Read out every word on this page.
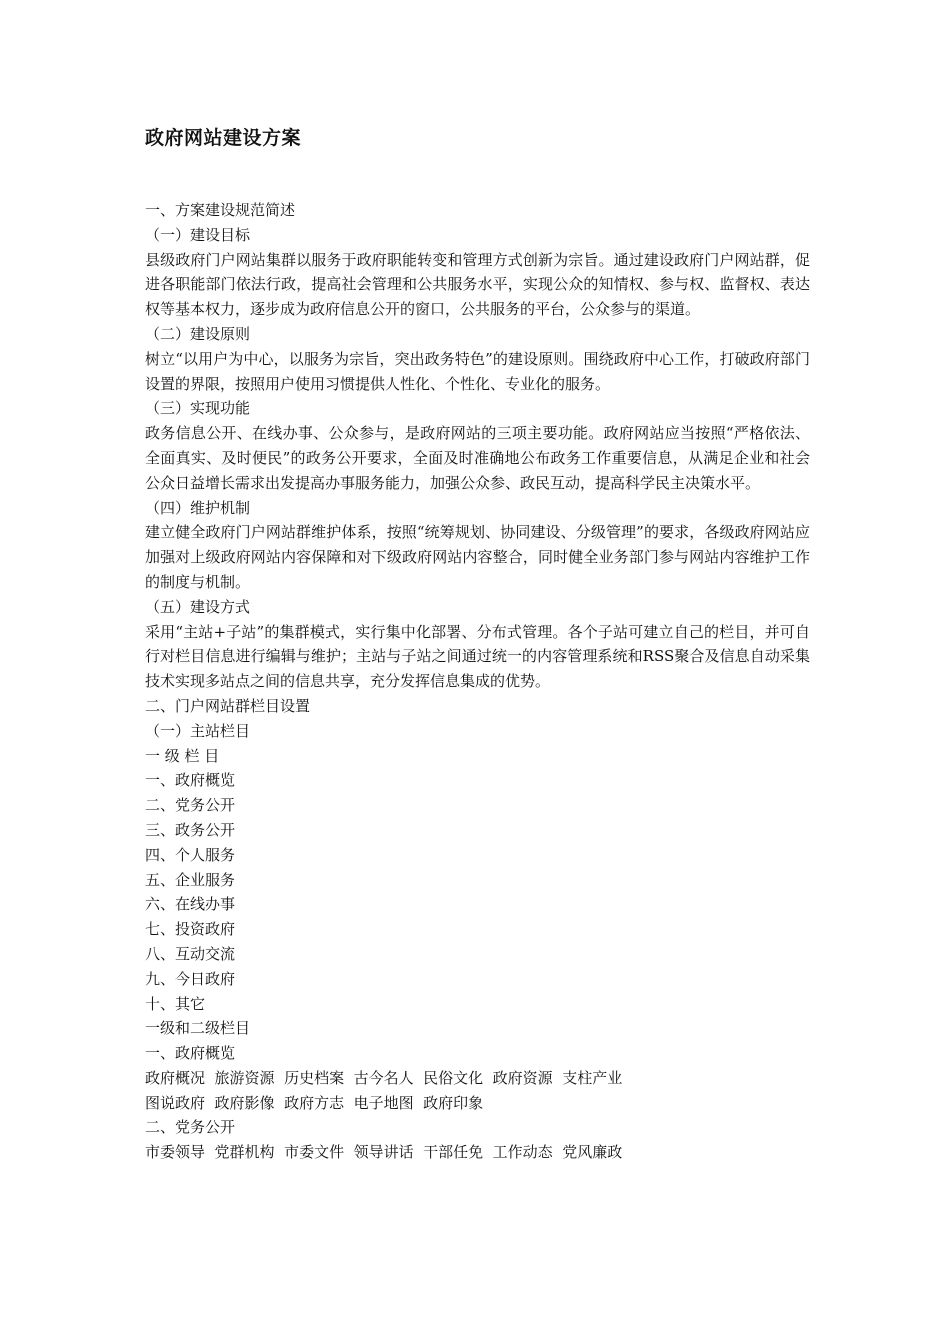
政府网站建设方案

一、方案建设规范简述

（一）建设目标

县级政府门户网站集群以服务于政府职能转变和管理方式创新为宗旨。通过建设政府门户网站群，促进各职能部门依法行政，提高社会管理和公共服务水平，实现公众的知情权、参与权、监督权、表达权等基本权力，逐步成为政府信息公开的窗口，公共服务的平台，公众参与的渠道。

（二）建设原则

树立“以用户为中心，以服务为宗旨，突出政务特色”的建设原则。围绕政府中心工作，打破政府部门设置的界限，按照用户使用习惯提供人性化、个性化、专业化的服务。

（三）实现功能

政务信息公开、在线办事、公众参与，是政府网站的三项主要功能。政府网站应当按照“严格依法、全面真实、及时便民”的政务公开要求，全面及时准确地公布政务工作重要信息，从满足企业和社会公众日益增长需求出发提高办事服务能力，加强公众参、政民互动，提高科学民主决策水平。

（四）维护机制

建立健全政府门户网站群维护体系，按照“统筹规划、协同建设、分级管理”的要求，各级政府网站应加强对上级政府网站内容保障和对下级政府网站内容整合，同时健全业务部门参与网站内容维护工作的制度与机制。

（五）建设方式

采用“主站+子站”的集群模式，实行集中化部署、分布式管理。各个子站可建立自己的栏目，并可自行对栏目信息进行编辑与维护；主站与子站之间通过统一的内容管理系统和RSS聚合及信息自动采集技术实现多站点之间的信息共享，充分发挥信息集成的优势。

二、门户网站群栏目设置

（一）主站栏目

一 级 栏 目

一、政府概览

二、党务公开

三、政务公开

四、个人服务

五、企业服务

六、在线办事

七、投资政府

八、互动交流

九、今日政府

十、其它

一级和二级栏目

一、政府概览

政府概况  旅游资源  历史档案  古今名人  民俗文化  政府资源  支柱产业

图说政府  政府影像  政府方志  电子地图  政府印象

二、党务公开

市委领导  党群机构  市委文件  领导讲话  干部任免  工作动态  党风廉政
